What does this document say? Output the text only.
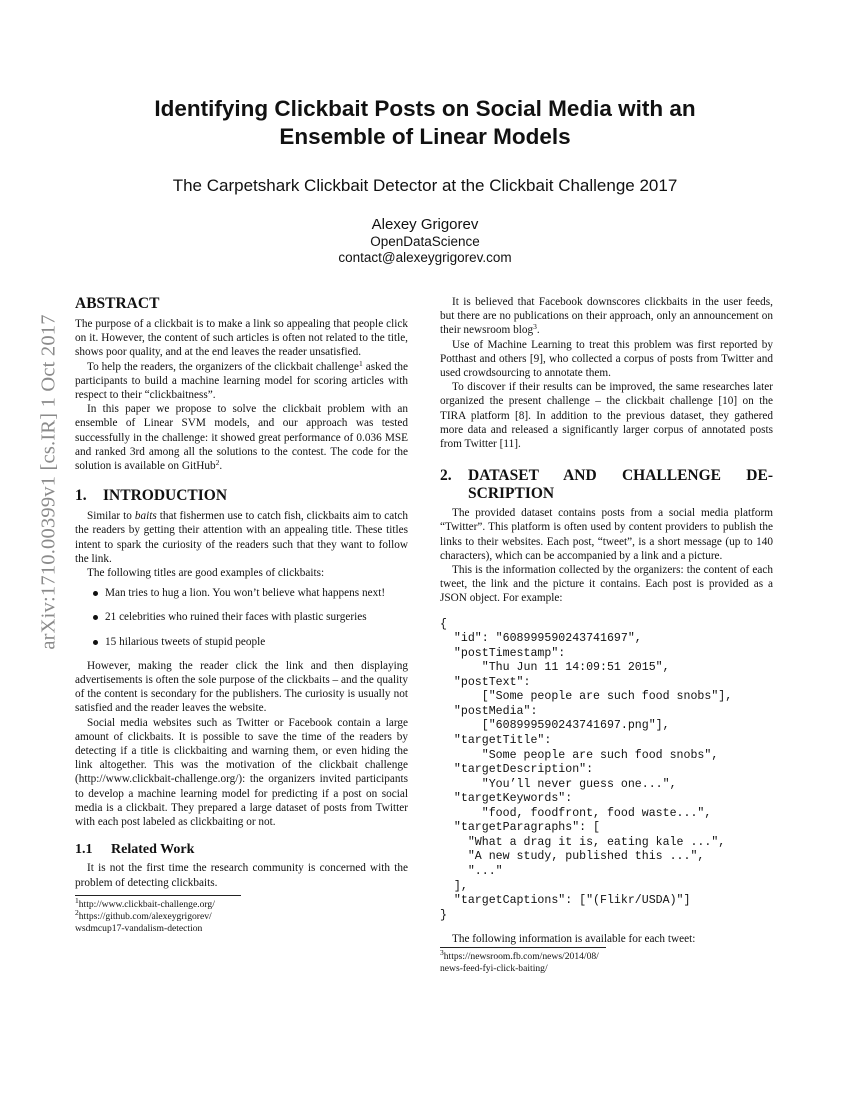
Identifying Clickbait Posts on Social Media with an
Ensemble of Linear Models
The Carpetshark Clickbait Detector at the Clickbait Challenge 2017
Alexey Grigorev
OpenDataScience
contact@alexeygrigorev.com
arXiv:1710.00399v1 [cs.IR] 1 Oct 2017
ABSTRACT

The purpose of a clickbait is to make a link so appealing that people click on it. However, the content of such articles is often not related to the title, shows poor quality, and at the end leaves the reader unsatisfied.

To help the readers, the organizers of the clickbait challenge$^1$ asked the participants to build a machine learning model for scoring articles with respect to their “clickbaitness”.

In this paper we propose to solve the clickbait problem with an ensemble of Linear SVM models, and our approach was tested successfully in the challenge: it showed great performance of 0.036 MSE and ranked 3rd among all the solutions to the contest. The code for the solution is available on GitHub$^2$.

1. INTRODUCTION

Similar to baits that fishermen use to catch fish, clickbaits aim to catch the readers by getting their attention with an appealing title. These titles intent to spark the curiosity of the readers such that they want to follow the link.

The following titles are good examples of clickbaits:

Man tries to hug a lion. You won’t believe what happens next!
21 celebrities who ruined their faces with plastic surgeries
15 hilarious tweets of stupid people

However, making the reader click the link and then displaying advertisements is often the sole purpose of the clickbaits – and the quality of the content is secondary for the publishers. The curiosity is usually not satisfied and the reader leaves the website.

Social media websites such as Twitter or Facebook contain a large amount of clickbaits. It is possible to save the time of the readers by detecting if a title is clickbaiting and warning them, or even hiding the link altogether. This was the motivation of the clickbait challenge (http://www.clickbait-challenge.org/): the organizers invited participants to develop a machine learning model for predicting if a post on social media is a clickbait. They prepared a large dataset of posts from Twitter with each post labeled as clickbaiting or not.

1.1 Related Work

It is not the first time the research community is concerned with the problem of detecting clickbaits.

$^1$http://www.clickbait-challenge.org/

$^2$https://github.com/alexeygrigorev/
wsdmcup17-vandalism-detection

It is believed that Facebook downscores clickbaits in the user feeds, but there are no publications on their approach, only an announcement on their newsroom blog$^3$.

Use of Machine Learning to treat this problem was first reported by Potthast and others [9], who collected a corpus of posts from Twitter and used crowdsourcing to annotate them.

To discover if their results can be improved, the same researches later organized the present challenge – the clickbait challenge [10] on the TIRA platform [8]. In addition to the previous dataset, they gathered more data and released a significantly larger corpus of annotated posts from Twitter [11].

2.	DATASET AND CHALLENGE DE-
SCRIPTION

The provided dataset contains posts from a social media platform “Twitter”. This platform is often used by content providers to publish the links to their websites. Each post, “tweet”, is a short message (up to 140 characters), which can be accompanied by a link and a picture.

This is the information collected by the organizers: the content of each tweet, the link and the picture it contains. Each post is provided as a JSON object. For example:

{
"id": "608999590243741697",
"postTimestamp":
"Thu Jun 11 14:09:51 2015",
"postText":
["Some people are such food snobs"],
"postMedia":
["608999590243741697.png"],
"targetTitle":
"Some people are such food snobs",
"targetDescription":
"You’ll never guess one...",
"targetKeywords":
"food, foodfront, food waste...",
"targetParagraphs": [
"What a drag it is, eating kale ...",
"A new study, published this ...",
"..."
],
"targetCaptions": ["(Flikr/USDA)"]
}

The following information is available for each tweet:

$^3$https://newsroom.fb.com/news/2014/08/
news-feed-fyi-click-baiting/
